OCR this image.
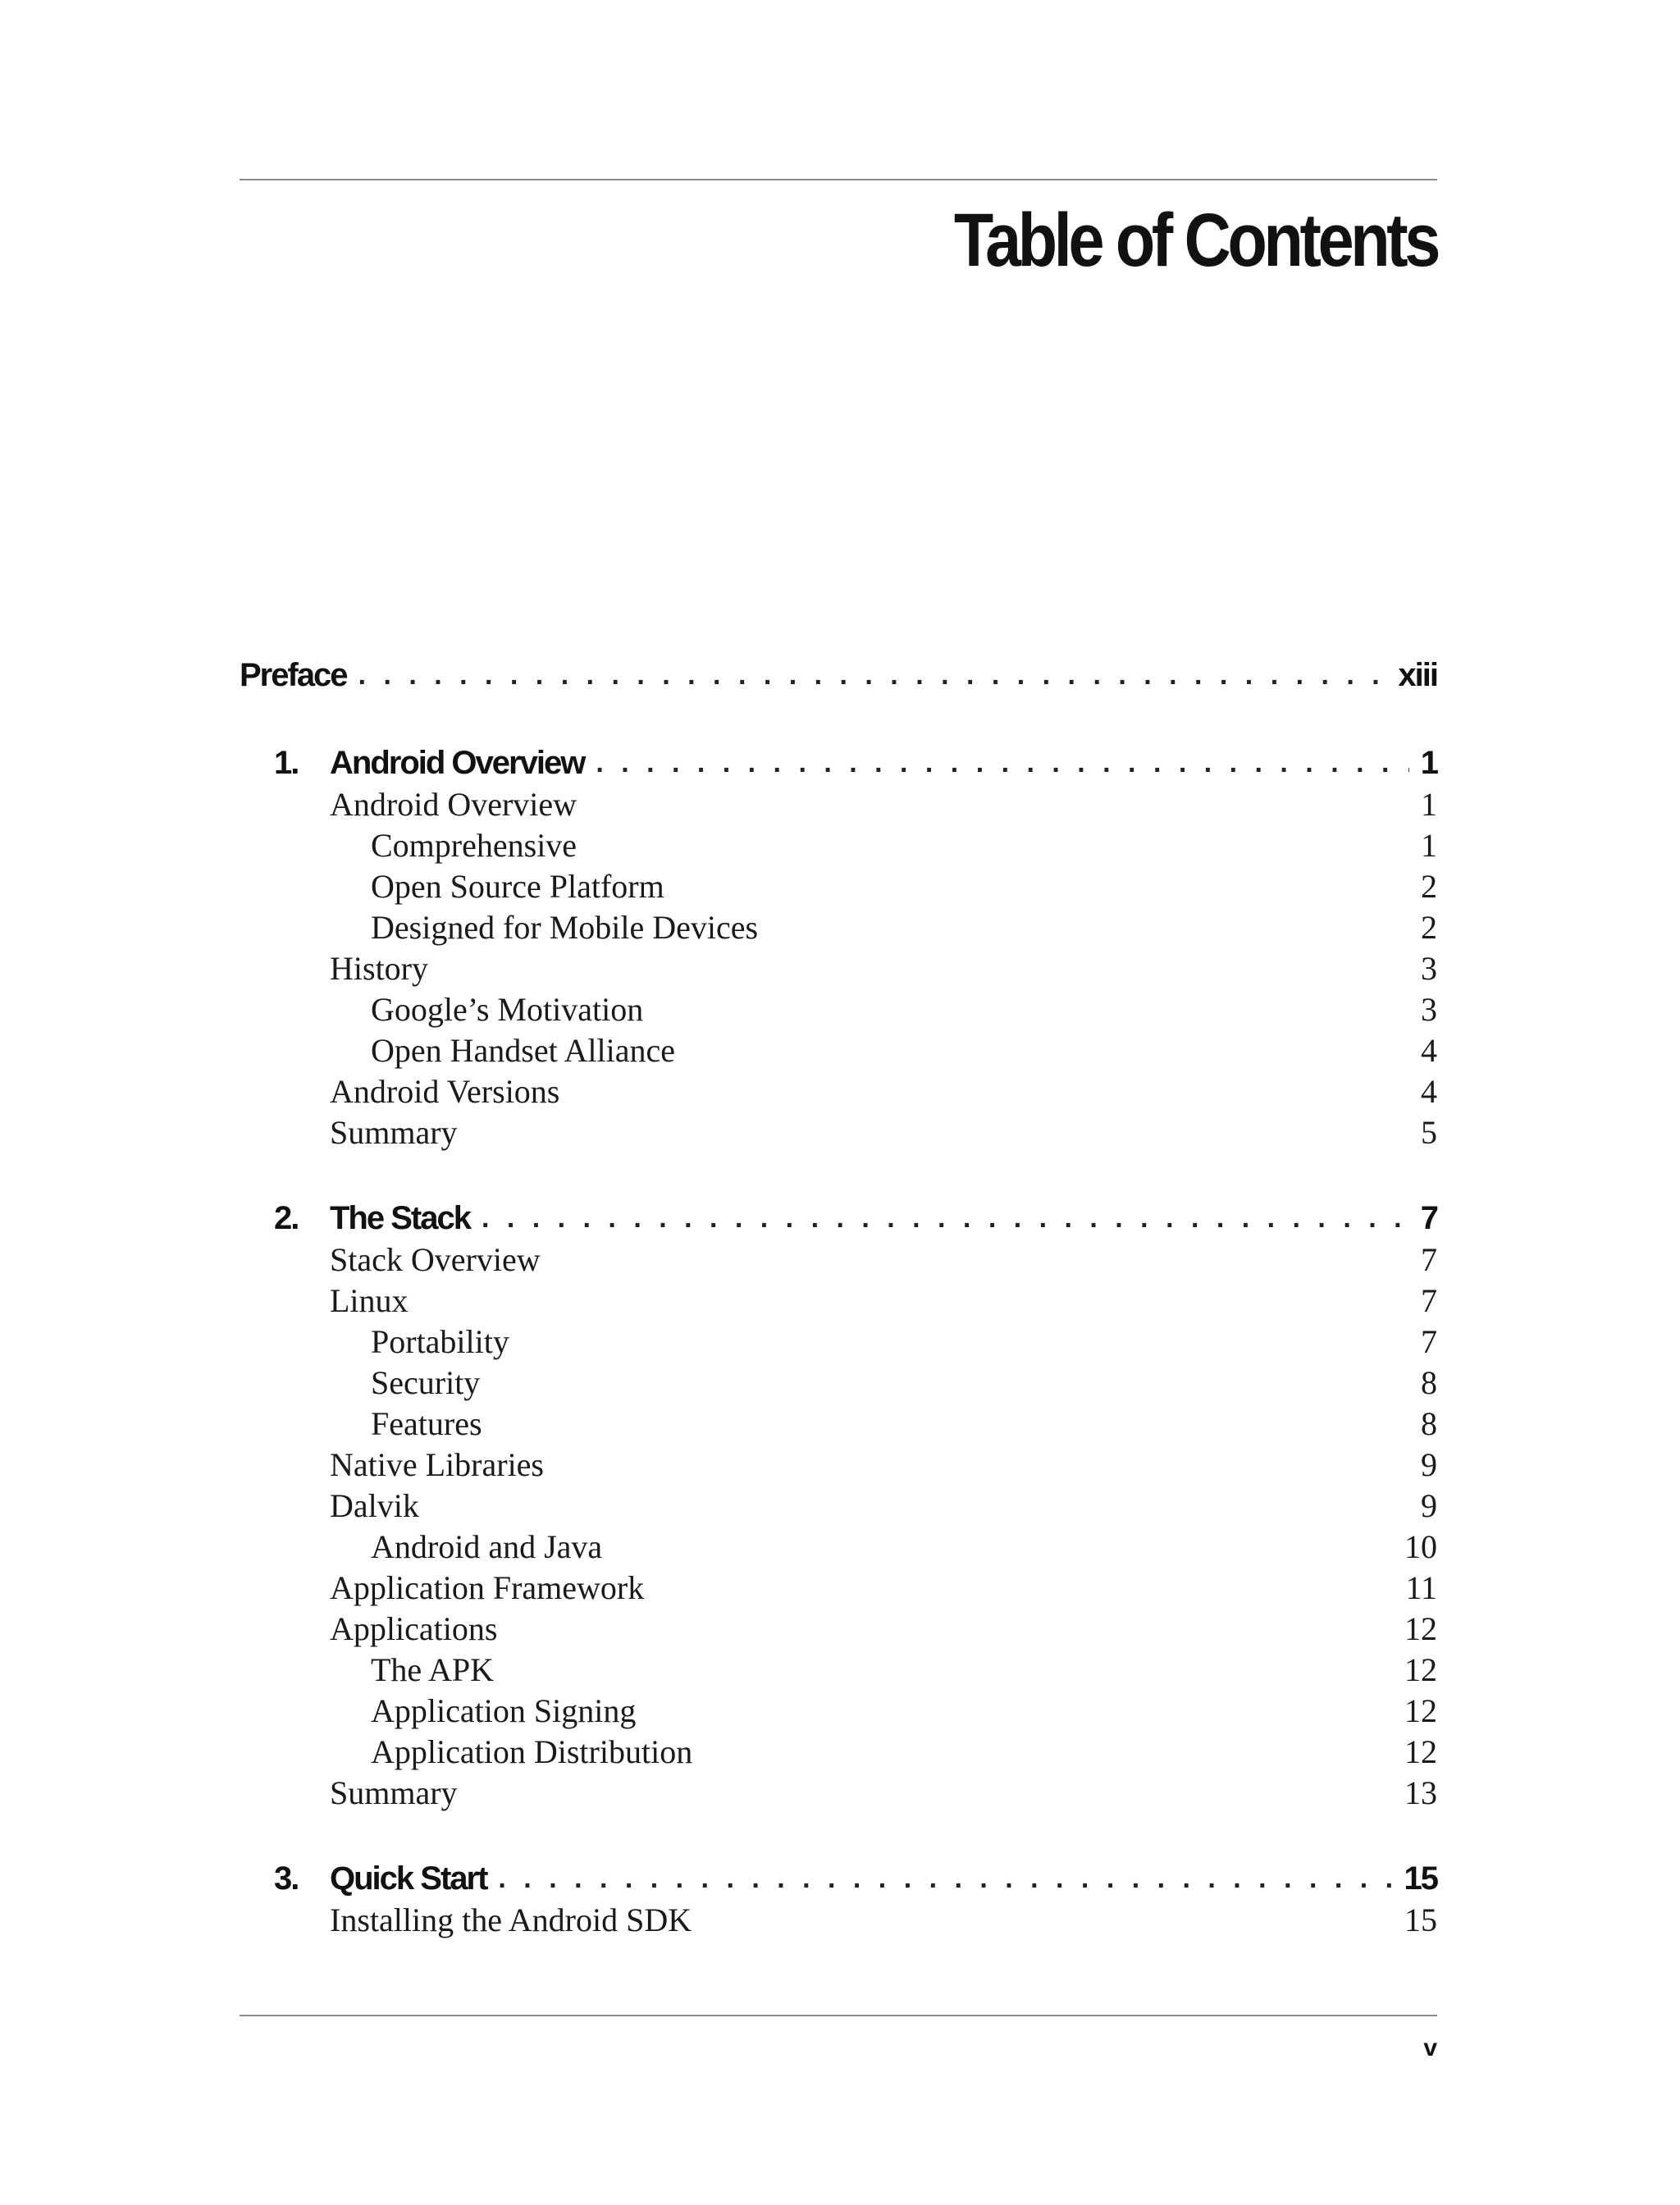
Table of Contents
Preface . . .	xiii
1. Android Overview . . .	1
Android Overview	1
Comprehensive	1
Open Source Platform	2
Designed for Mobile Devices	2
History	3
Google’s Motivation	3
Open Handset Alliance	4
Android Versions	4
Summary	5
2. The Stack . . .	7
Stack Overview	7
Linux	7
Portability	7
Security	8
Features	8
Native Libraries	9
Dalvik	9
Android and Java	10
Application Framework	11
Applications	12
The APK	12
Application Signing	12
Application Distribution	12
Summary	13
3. Quick Start . . .	15
Installing the Android SDK	15
v
